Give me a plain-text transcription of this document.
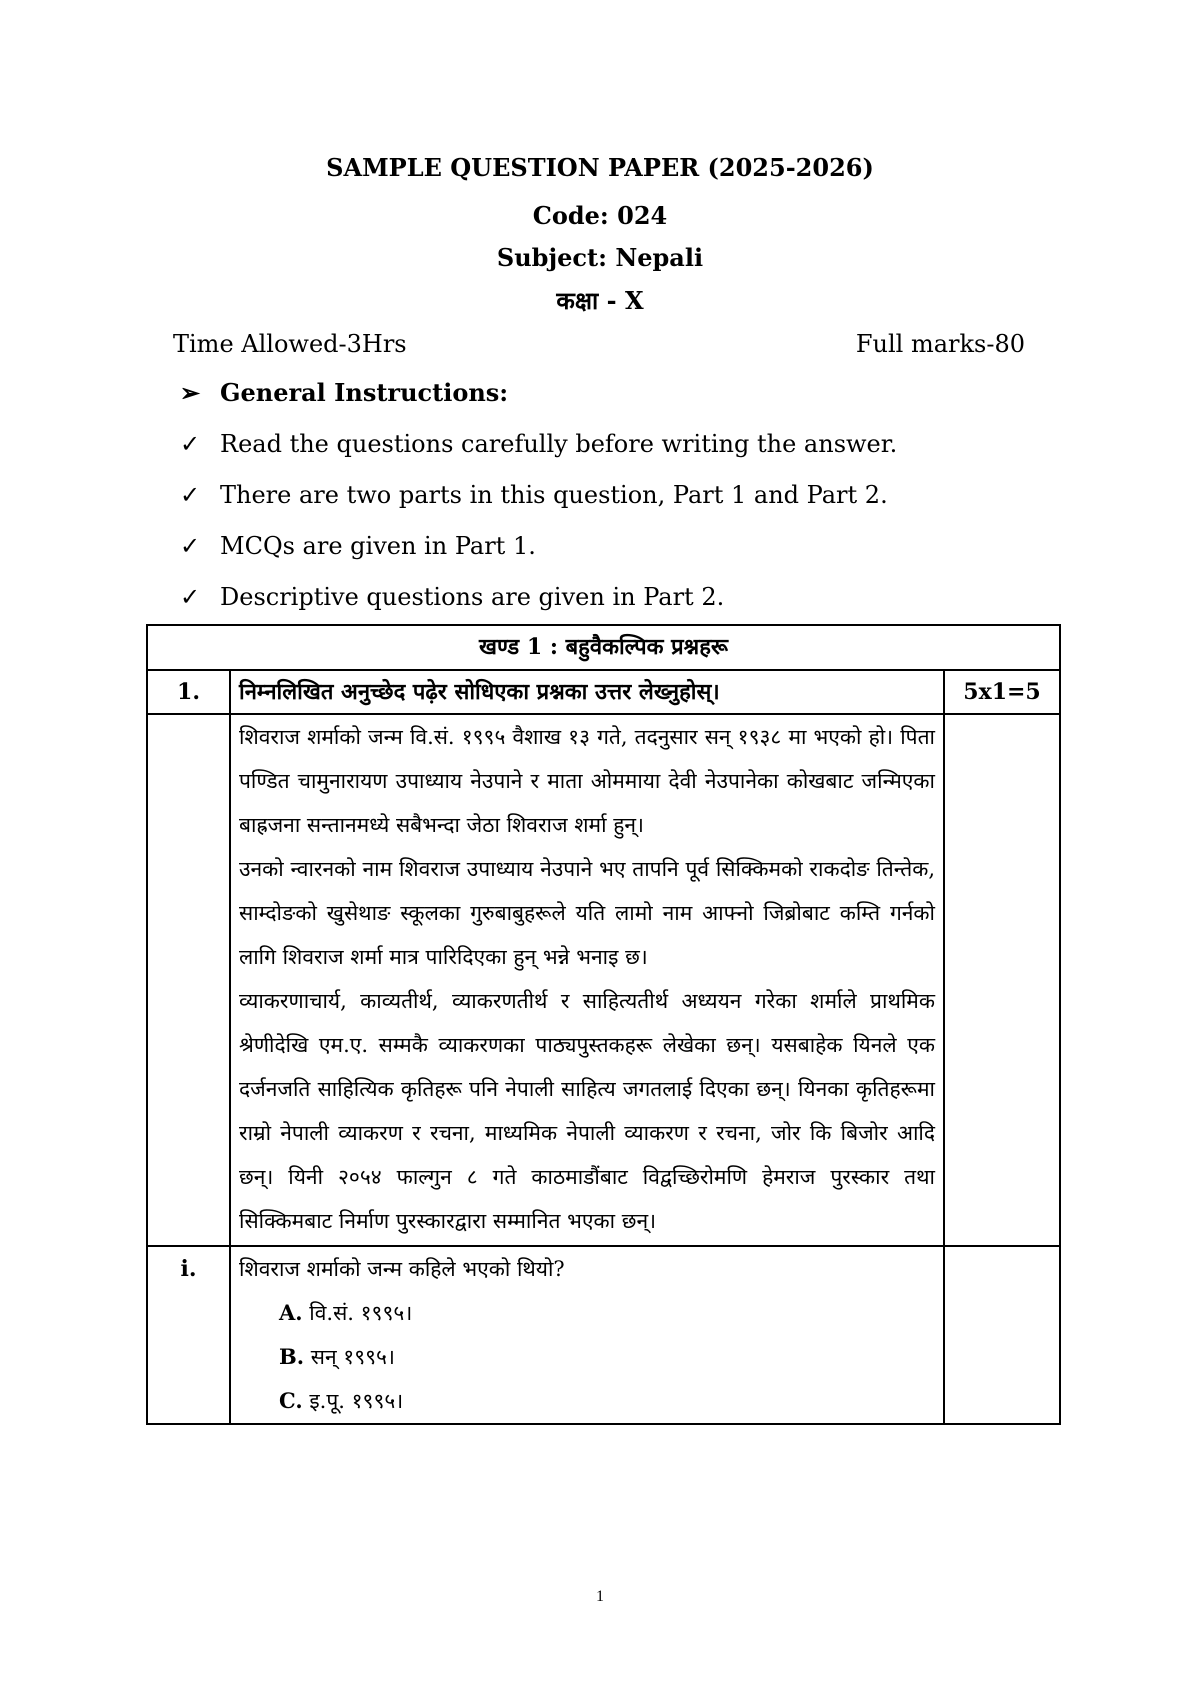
SAMPLE QUESTION PAPER (2025-2026)
Code: 024
Subject: Nepali
कक्षा - X
Time Allowed-3Hrs	Full marks-80
➢ General Instructions:
✓ Read the questions carefully before writing the answer.
✓ There are two parts in this question, Part 1 and Part 2.
✓ MCQs are given in Part 1.
✓ Descriptive questions are given in Part 2.
खण्ड 1 : बहुवैकल्पिक प्रश्नहरू		
1.	निम्नलिखित अनुच्छेद पढ़ेर सोधिएका प्रश्नका उत्तर लेख्नुहोस्।	5x1=5

	शिवराज शर्माको जन्म वि.सं. १९९५ वैशाख १३ गते, तदनुसार सन् १९३८ मा भएको हो। पिता पण्डित चामुनारायण उपाध्याय नेउपाने र माता ओममाया देवी नेउपानेका कोखबाट जन्मिएका बाह्रजना सन्तानमध्ये सबैभन्दा जेठा शिवराज शर्मा हुन्।

उनको न्वारनको नाम शिवराज उपाध्याय नेउपाने भए तापनि पूर्व सिक्किमको राकदोङ तिन्तेक, साम्दोङको खुसेथाङ स्कूलका गुरुबाबुहरूले यति लामो नाम आफ्नो जिब्रोबाट कम्ति गर्नको लागि शिवराज शर्मा मात्र पारिदिएका हुन् भन्ने भनाइ छ।

व्याकरणाचार्य, काव्यतीर्थ, व्याकरणतीर्थ र साहित्यतीर्थ अध्ययन गरेका शर्माले प्राथमिक श्रेणीदेखि एम.ए. सम्मकै व्याकरणका पाठ्यपुस्तकहरू लेखेका छन्। यसबाहेक यिनले एक दर्जनजति साहित्यिक कृतिहरू पनि नेपाली साहित्य जगतलाई दिएका छन्। यिनका कृतिहरूमा राम्रो नेपाली व्याकरण र रचना, माध्यमिक नेपाली व्याकरण र रचना, जोर कि बिजोर आदि छन्। यिनी २०५४ फाल्गुन ८ गते काठमाडौंबाट विद्वच्छिरोमणि हेमराज पुरस्कार तथा सिक्किमबाट निर्माण पुरस्कारद्वारा सम्मानित भएका छन्।	

i.	शिवराज शर्माको जन्म कहिले भएको थियो?
A. वि.सं. १९९५।
B. सन् १९९५।
C. इ.पू. १९९५।	

1
